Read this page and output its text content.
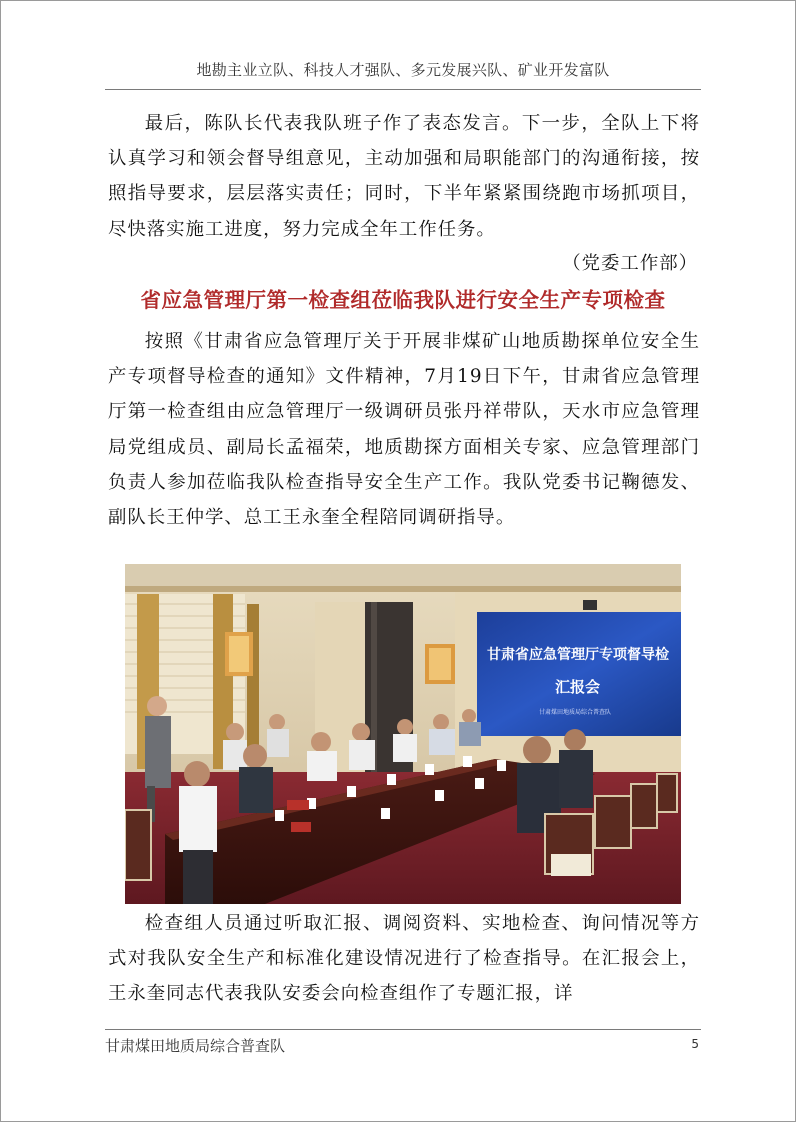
地勘主业立队、科技人才强队、多元发展兴队、矿业开发富队

最后，陈队长代表我队班子作了表态发言。下一步，全队上下将认真学习和领会督导组意见，主动加强和局职能部门的沟通衔接，按照指导要求，层层落实责任；同时，下半年紧紧围绕跑市场抓项目，尽快落实施工进度，努力完成全年工作任务。

（党委工作部）
省应急管理厅第一检查组莅临我队进行安全生产专项检查

按照《甘肃省应急管理厅关于开展非煤矿山地质勘探单位安全生产专项督导检查的通知》文件精神，7月19日下午，甘肃省应急管理厅第一检查组由应急管理厅一级调研员张丹祥带队，天水市应急管理局党组成员、副局长孟福荣，地质勘探方面相关专家、应急管理部门负责人参加莅临我队检查指导安全生产工作。我队党委书记鞠德发、副队长王仲学、总工王永奎全程陪同调研指导。

甘肃省应急管理厅专项督导检
汇报会
甘肃煤田地质局综合普查队

检查组人员通过听取汇报、调阅资料、实地检查、询问情况等方式对我队安全生产和标准化建设情况进行了检查指导。在汇报会上，王永奎同志代表我队安委会向检查组作了专题汇报，详

甘肃煤田地质局综合普查队	5
